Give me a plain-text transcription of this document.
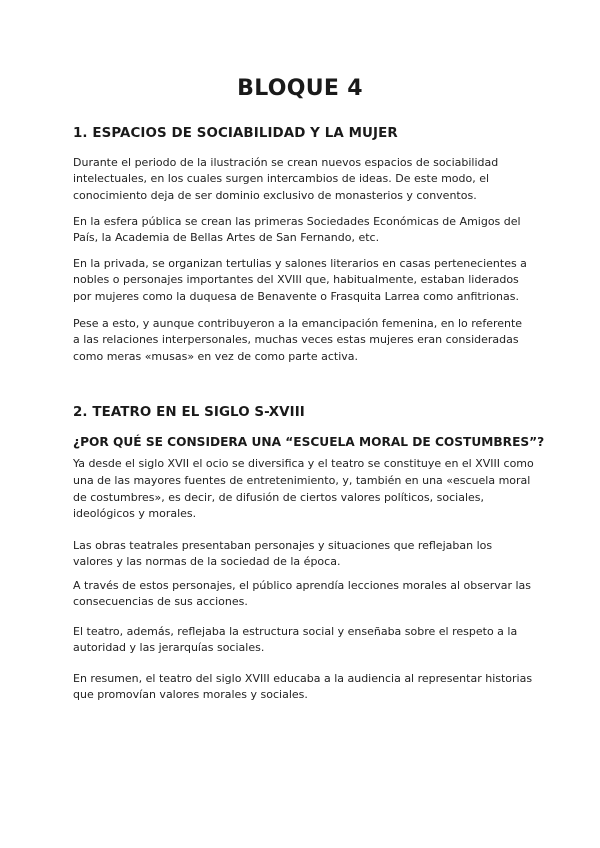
BLOQUE 4
1. ESPACIOS DE SOCIABILIDAD Y LA MUJER

Durante el periodo de la ilustración se crean nuevos espacios de sociabilidad
intelectuales, en los cuales surgen intercambios de ideas. De este modo, el
conocimiento deja de ser dominio exclusivo de monasterios y conventos.

En la esfera pública se crean las primeras Sociedades Económicas de Amigos del
País, la Academia de Bellas Artes de San Fernando, etc.

En la privada, se organizan tertulias y salones literarios en casas pertenecientes a
nobles o personajes importantes del XVIII que, habitualmente, estaban liderados
por mujeres como la duquesa de Benavente o Frasquita Larrea como anfitrionas.

Pese a esto, y aunque contribuyeron a la emancipación femenina, en lo referente
a las relaciones interpersonales, muchas veces estas mujeres eran consideradas
como meras «musas» en vez de como parte activa.

2. TEATRO EN EL SIGLO S-XVIII
¿POR QUÉ SE CONSIDERA UNA “ESCUELA MORAL DE COSTUMBRES”?

Ya desde el siglo XVII el ocio se diversifica y el teatro se constituye en el XVIII como
una de las mayores fuentes de entretenimiento, y, también en una «escuela moral
de costumbres», es decir, de difusión de ciertos valores políticos, sociales,
ideológicos y morales.

Las obras teatrales presentaban personajes y situaciones que reflejaban los
valores y las normas de la sociedad de la época.

A través de estos personajes, el público aprendía lecciones morales al observar las
consecuencias de sus acciones.

El teatro, además, reflejaba la estructura social y enseñaba sobre el respeto a la
autoridad y las jerarquías sociales.

En resumen, el teatro del siglo XVIII educaba a la audiencia al representar historias
que promovían valores morales y sociales.
